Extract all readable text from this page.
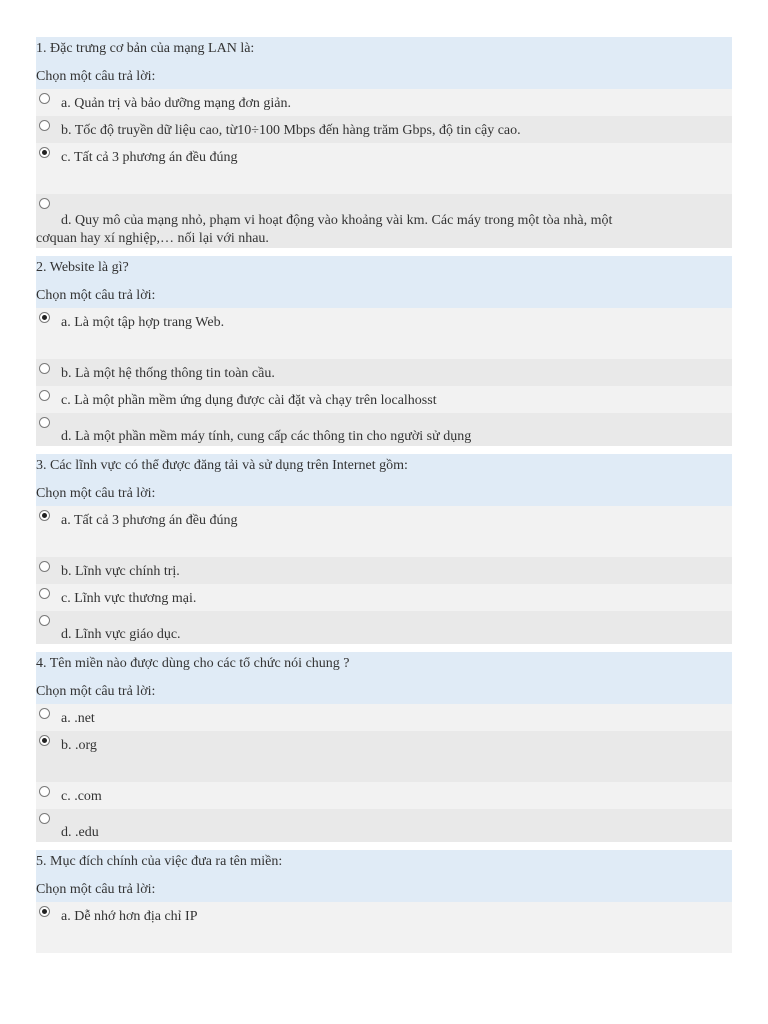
1. Đặc trưng cơ bản của mạng LAN là:
Chọn một câu trả lời:
a. Quản trị và bảo dưỡng mạng đơn giản.
b. Tốc độ truyền dữ liệu cao, từ10÷100 Mbps đến hàng trăm Gbps, độ tin cậy cao.
c. Tất cả 3 phương án đều đúng
d. Quy mô của mạng nhỏ, phạm vi hoạt động vào khoảng vài km. Các máy trong một tòa nhà, một
cơquan hay xí nghiệp,… nối lại với nhau.
2. Website là gì?
Chọn một câu trả lời:
a. Là một tập hợp trang Web.
b. Là một hệ thống thông tin toàn cầu.
c. Là một phần mềm ứng dụng được cài đặt và chạy trên localhosst
d. Là một phần mềm máy tính, cung cấp các thông tin cho người sử dụng
3. Các lĩnh vực có thể được đăng tải và sử dụng trên Internet gồm:
Chọn một câu trả lời:
a. Tất cả 3 phương án đều đúng
b. Lĩnh vực chính trị.
c. Lĩnh vực thương mại.
d. Lĩnh vực giáo dục.
4. Tên miền nào được dùng cho các tổ chức nói chung ?
Chọn một câu trả lời:
a. .net
b. .org
c. .com
d. .edu
5. Mục đích chính của việc đưa ra tên miền:
Chọn một câu trả lời:
a. Dễ nhớ hơn địa chỉ IP
